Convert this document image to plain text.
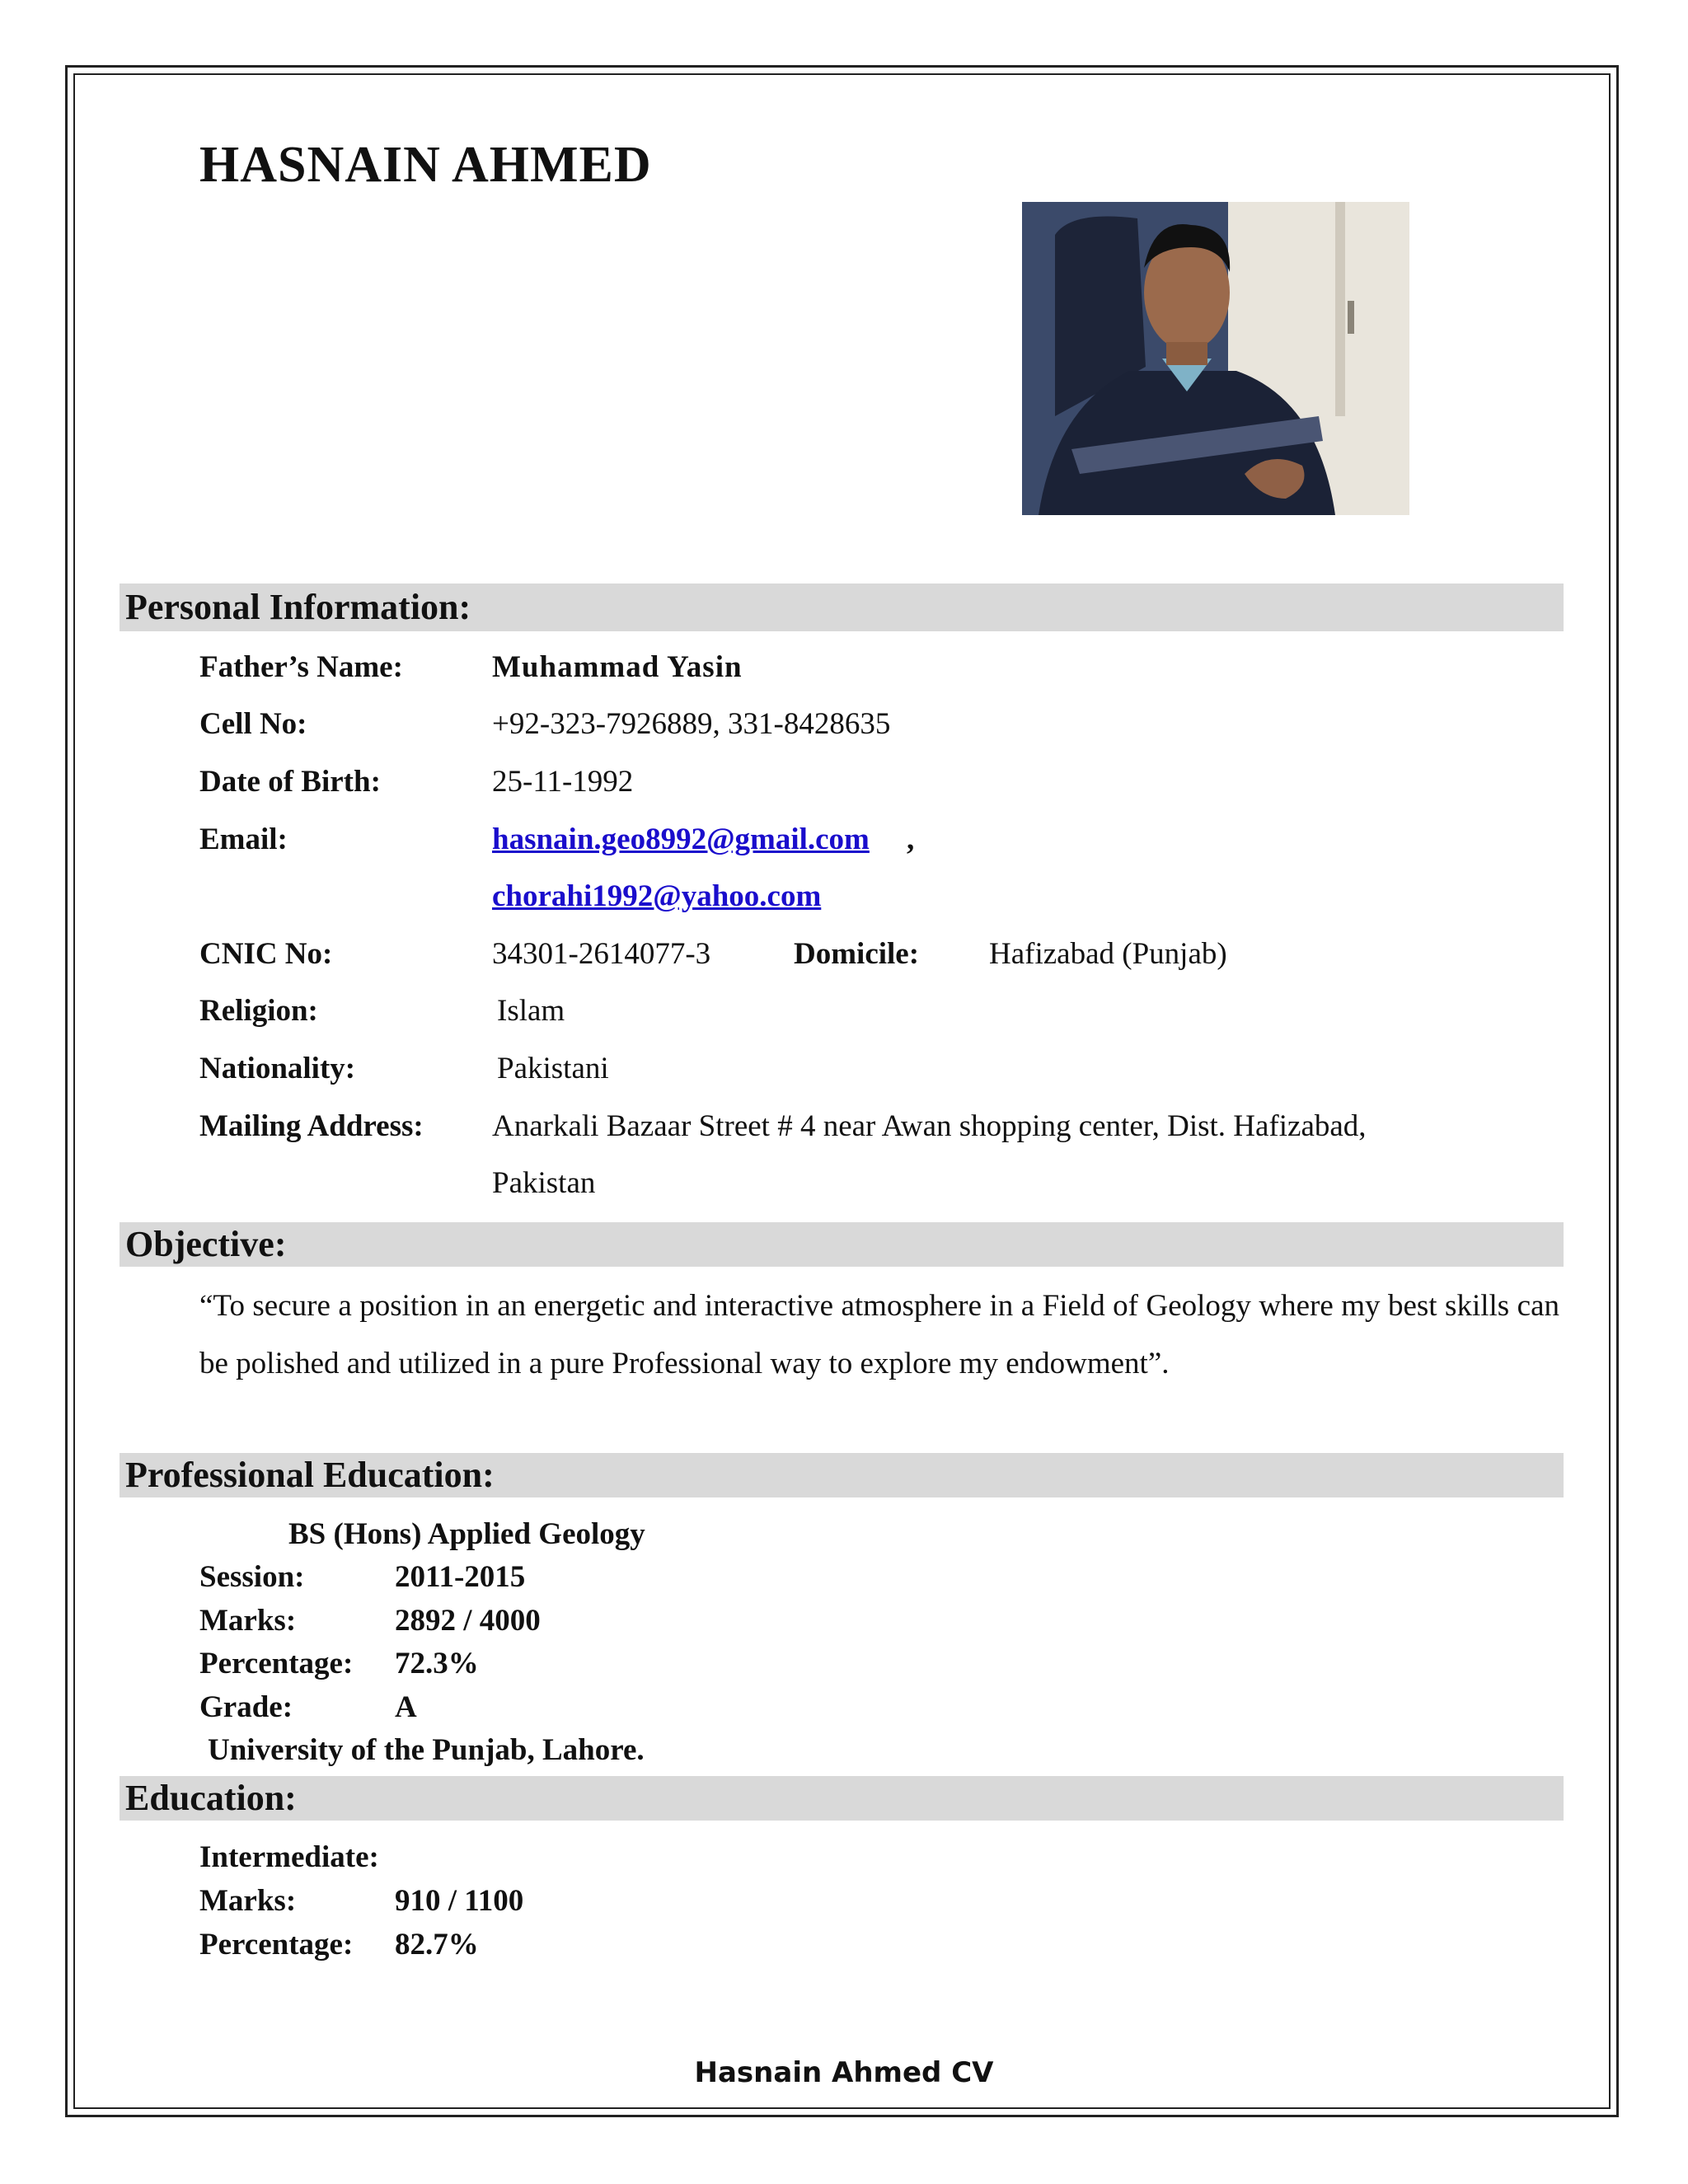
HASNAIN AHMED
Personal Information:
Father’s Name:	Muhammad Yasin
Cell No:	+92-323-7926889, 331-8428635
Date of Birth:	25-11-1992
Email:	hasnain.geo8992@gmail.com ,
chorahi1992@yahoo.com
CNIC No:	34301-2614077-3	Domicile: Hafizabad (Punjab)
Religion:	Islam
Nationality:	Pakistani
Mailing Address: Anarkali Bazaar Street # 4 near Awan shopping center, Dist. Hafizabad,
Pakistan
Objective:

“To secure a position in an energetic and interactive atmosphere in a Field of Geology where my best skills can be polished and utilized in a pure Professional way to explore my endowment”.

Professional Education:
BS (Hons) Applied Geology
Session:	2011-2015
Marks:	2892 / 4000
Percentage: 72.3%
Grade:	A
University of the Punjab, Lahore.
Education:
Intermediate:
Marks:	910 / 1100
Percentage: 82.7%
Hasnain Ahmed CV
